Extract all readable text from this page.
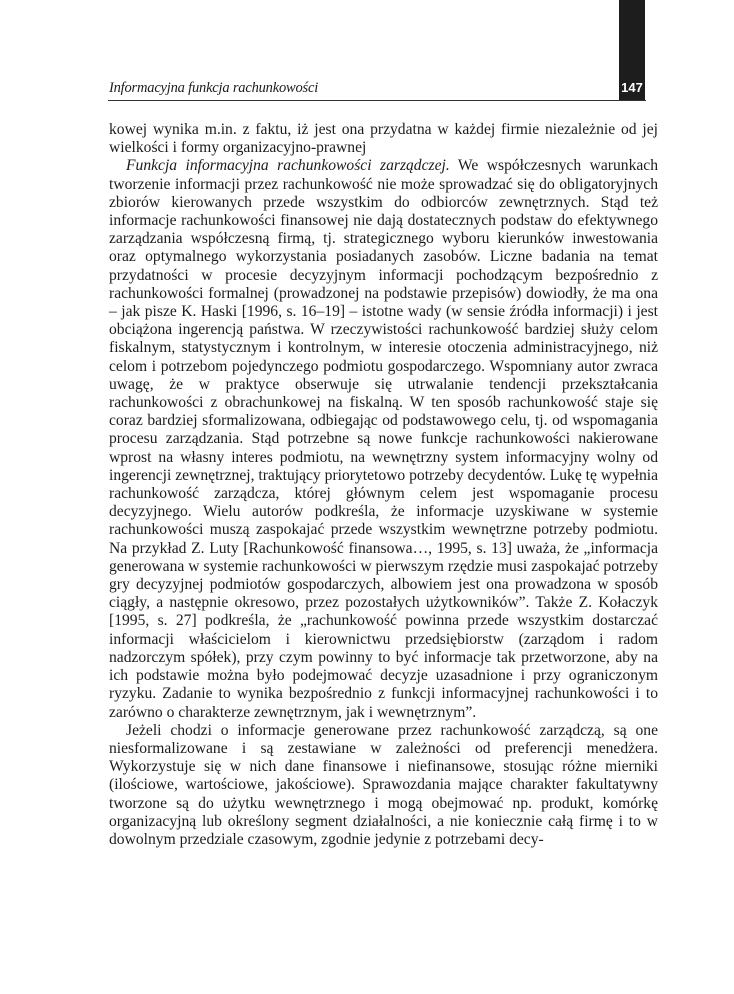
147
Informacyjna funkcja rachunkowości

kowej wynika m.in. z faktu, iż jest ona przydatna w każdej firmie niezależnie od jej wielkości i formy organizacyjno-prawnej

Funkcja informacyjna rachunkowości zarządczej. We współczesnych warunkach tworzenie informacji przez rachunkowość nie może sprowadzać się do obligatoryjnych zbiorów kierowanych przede wszystkim do odbiorców zewnętrznych. Stąd też informacje rachunkowości finansowej nie dają dostatecznych podstaw do efektywnego zarządzania współczesną firmą, tj. strategicznego wyboru kierunków inwestowania oraz optymalnego wykorzystania posiadanych zasobów. Liczne badania na temat przydatności w procesie decyzyjnym informacji pochodzącym bezpośrednio z rachunkowości formalnej (prowadzonej na podstawie przepisów) dowiodły, że ma ona – jak pisze K. Haski [1996, s. 16–19] – istotne wady (w sensie źródła informacji) i jest obciążona ingerencją państwa. W rzeczywistości rachunkowość bardziej służy celom fiskalnym, statystycznym i kontrolnym, w interesie otoczenia administracyjnego, niż celom i potrzebom pojedynczego podmiotu gospodarczego. Wspomniany autor zwraca uwagę, że w praktyce obserwuje się utrwalanie tendencji przekształcania rachunkowości z obrachunkowej na fiskalną. W ten sposób rachunkowość staje się coraz bardziej sformalizowana, odbiegając od podstawowego celu, tj. od wspomagania procesu zarządzania. Stąd potrzebne są nowe funkcje rachunkowości nakierowane wprost na własny interes podmiotu, na wewnętrzny system informacyjny wolny od ingerencji zewnętrznej, traktujący priorytetowo potrzeby decydentów. Lukę tę wypełnia rachunkowość zarządcza, której głównym celem jest wspomaganie procesu decyzyjnego. Wielu autorów podkreśla, że informacje uzyskiwane w systemie rachunkowości muszą zaspokajać przede wszystkim wewnętrzne potrzeby podmiotu. Na przykład Z. Luty [Rachunkowość finansowa…, 1995, s. 13] uważa, że „informacja generowana w systemie rachunkowości w pierwszym rzędzie musi zaspokajać potrzeby gry decyzyjnej podmiotów gospodarczych, albowiem jest ona prowadzona w sposób ciągły, a następnie okresowo, przez pozostałych użytkowników”. Także Z. Kołaczyk [1995, s. 27] podkreśla, że „rachunkowość powinna przede wszystkim dostarczać informacji właścicielom i kierownictwu przedsiębiorstw (zarządom i radom nadzorczym spółek), przy czym powinny to być informacje tak przetworzone, aby na ich podstawie można było podejmować decyzje uzasadnione i przy ograniczonym ryzyku. Zadanie to wynika bezpośrednio z funkcji informacyjnej rachunkowości i to zarówno o charakterze zewnętrznym, jak i wewnętrznym”.

Jeżeli chodzi o informacje generowane przez rachunkowość zarządczą, są one niesformalizowane i są zestawiane w zależności od preferencji menedżera. Wykorzystuje się w nich dane finansowe i niefinansowe, stosując różne mierniki (ilościowe, wartościowe, jakościowe). Sprawozdania mające charakter fakultatywny tworzone są do użytku wewnętrznego i mogą obejmować np. produkt, komórkę organizacyjną lub określony segment działalności, a nie koniecznie całą firmę i to w dowolnym przedziale czasowym, zgodnie jedynie z potrzebami decy-
